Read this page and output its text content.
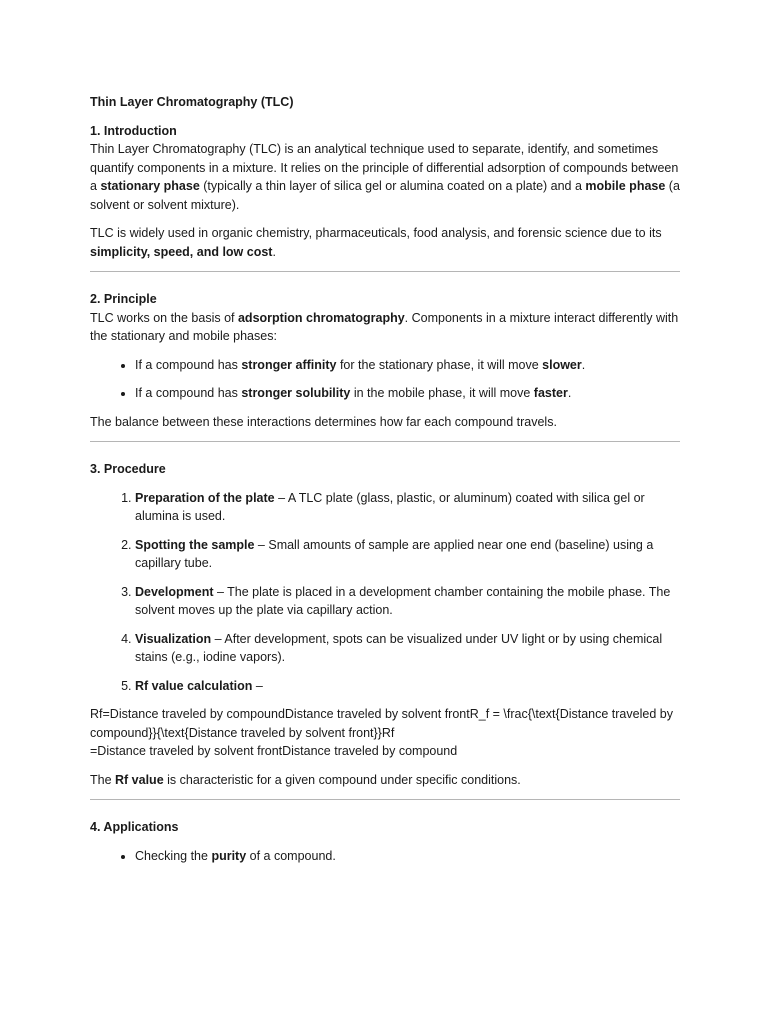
Thin Layer Chromatography (TLC)

1. Introduction

Thin Layer Chromatography (TLC) is an analytical technique used to separate, identify, and sometimes quantify components in a mixture. It relies on the principle of differential adsorption of compounds between a stationary phase (typically a thin layer of silica gel or alumina coated on a plate) and a mobile phase (a solvent or solvent mixture).

TLC is widely used in organic chemistry, pharmaceuticals, food analysis, and forensic science due to its simplicity, speed, and low cost.

2. Principle

TLC works on the basis of adsorption chromatography. Components in a mixture interact differently with the stationary and mobile phases:

• If a compound has stronger affinity for the stationary phase, it will move slower.
• If a compound has stronger solubility in the mobile phase, it will move faster.

The balance between these interactions determines how far each compound travels.

3. Procedure
1. Preparation of the plate – A TLC plate (glass, plastic, or aluminum) coated with silica gel or alumina is used.
2. Spotting the sample – Small amounts of sample are applied near one end (baseline) using a capillary tube.
3. Development – The plate is placed in a development chamber containing the mobile phase. The solvent moves up the plate via capillary action.
4. Visualization – After development, spots can be visualized under UV light or by using chemical stains (e.g., iodine vapors).
5. Rf value calculation –

Rf=Distance traveled by compoundDistance traveled by solvent frontR_f = \frac{\text{Distance traveled by compound}}{\text{Distance traveled by solvent front}}Rf
=Distance traveled by solvent frontDistance traveled by compound

The Rf value is characteristic for a given compound under specific conditions.

4. Applications
• Checking the purity of a compound.
